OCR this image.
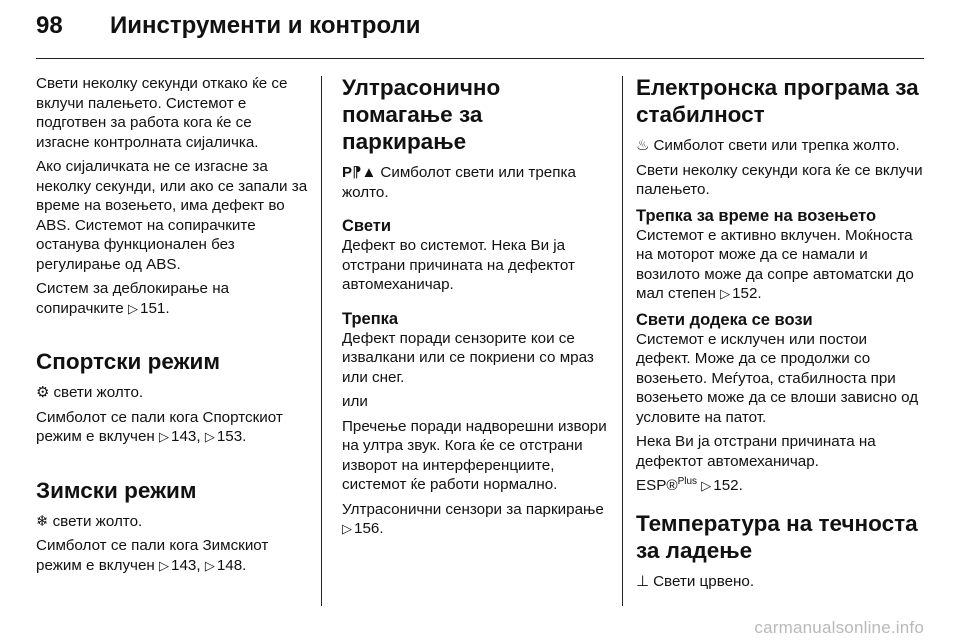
98	Иинструменти и контроли

Свети неколку секунди откако ќе се вклучи палењето. Системот е подготвен за работа кога ќе се изгасне контролната сијаличка.

Ако сијаличката не се изгасне за неколку секунди, или ако се запали за време на возењето, има дефект во ABS. Системот на сопирачките останува функционален без регулирање од ABS.

Систем за деблокирање на сопирачките ▷ 151.

Спортски режим

⚙ свети жолто.

Симболот се пали кога Спортскиот режим е вклучен ▷ 143, ▷ 153.

Зимски режим

❄ свети жолто.

Симболот се пали кога Зимскиот режим е вклучен ▷ 143, ▷ 148.

Ултрасонично помагање за паркирање

P⁋▲ Симболот свети или трепка жолто.

Свети

Дефект во системот. Нека Ви ја отстрани причината на дефектот автомеханичар.

Трепка

Дефект поради сензорите кои се извалкани или се покриени со мраз или снег.

или

Пречење поради надворешни извори на ултра звук. Кога ќе се отстрани изворот на интерференциите, системот ќе работи нормално.

Ултрасонични сензори за паркирање ▷ 156.

Електронска програма за стабилност

♨ Симболот свети или трепка жолто.

Свети неколку секунди кога ќе се вклучи палењето.

Трепка за време на возењето

Системот е активно вклучен. Моќноста на моторот може да се намали и возилото може да сопре автоматски до мал степен ▷ 152.

Свети додека се вози

Системот е исклучен или постои дефект. Може да се продолжи со возењето. Меѓутоа, стабилноста при возењето може да се влоши зависно од условите на патот.

Нека Ви ја отстрани причината на дефектот автомеханичар.

ESP®$^{Plus}$ ▷ 152.

Температура на течноста за ладење

⊥ Свети црвено.

carmanualsonline.info
